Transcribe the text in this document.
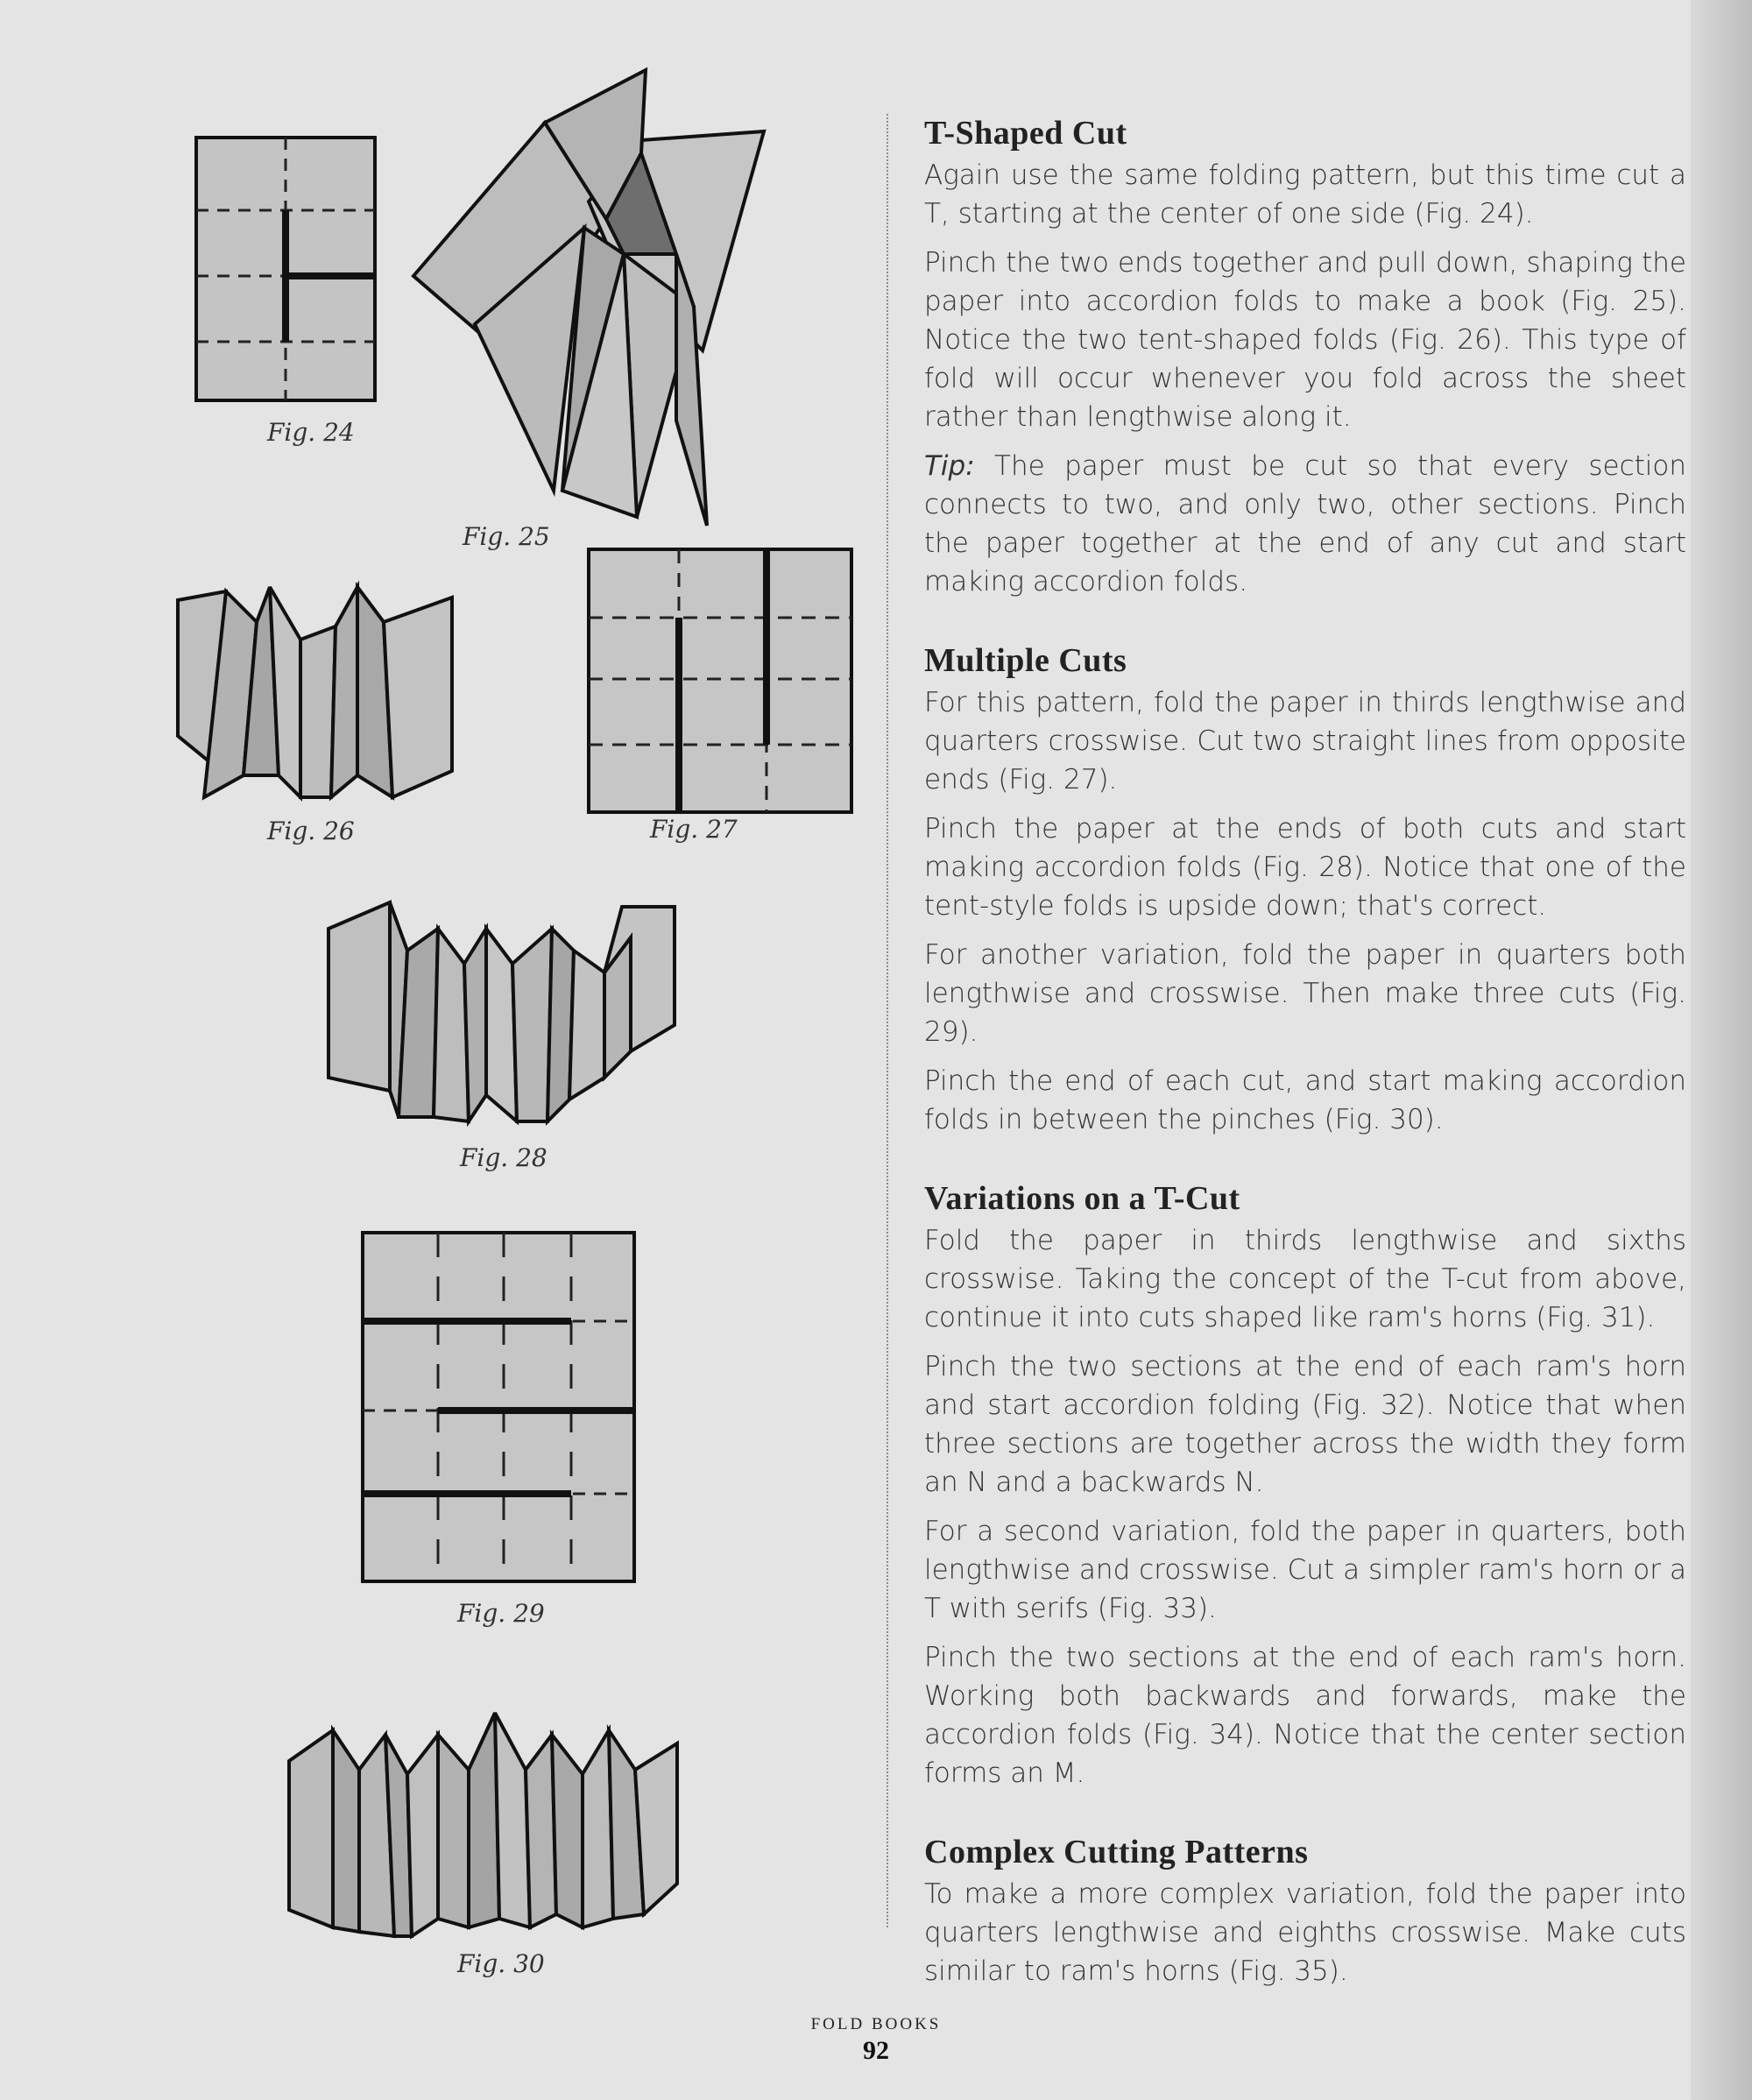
Fig. 24
Fig. 25
Fig. 26	Fig. 27
Fig. 28
Fig. 29
Fig. 30
T-Shaped Cut

Again use the same folding pattern, but this time cut a T, starting at the center of one side (Fig. 24).

Pinch the two ends together and pull down, shaping the paper into accordion folds to make a book (Fig. 25). Notice the two tent-shaped folds (Fig. 26). This type of fold will occur whenever you fold across the sheet rather than lengthwise along it.

Tip: The paper must be cut so that every section connects to two, and only two, other sections. Pinch the paper together at the end of any cut and start making accordion folds.

Multiple Cuts

For this pattern, fold the paper in thirds lengthwise and quarters crosswise. Cut two straight lines from opposite ends (Fig. 27).

Pinch the paper at the ends of both cuts and start making accordion folds (Fig. 28). Notice that one of the tent-style folds is upside down; that's correct.

For another variation, fold the paper in quarters both lengthwise and crosswise. Then make three cuts (Fig. 29).

Pinch the end of each cut, and start making accordion folds in between the pinches (Fig. 30).

Variations on a T-Cut

Fold the paper in thirds lengthwise and sixths crosswise. Taking the concept of the T-cut from above, continue it into cuts shaped like ram's horns (Fig. 31).

Pinch the two sections at the end of each ram's horn and start accordion folding (Fig. 32). Notice that when three sections are together across the width they form an N and a backwards N.

For a second variation, fold the paper in quarters, both lengthwise and crosswise. Cut a simpler ram's horn or a T with serifs (Fig. 33).

Pinch the two sections at the end of each ram's horn. Working both backwards and forwards, make the accordion folds (Fig. 34). Notice that the center section forms an M.

Complex Cutting Patterns

To make a more complex variation, fold the paper into quarters lengthwise and eighths crosswise. Make cuts similar to ram's horns (Fig. 35).

FOLD BOOKS
92
